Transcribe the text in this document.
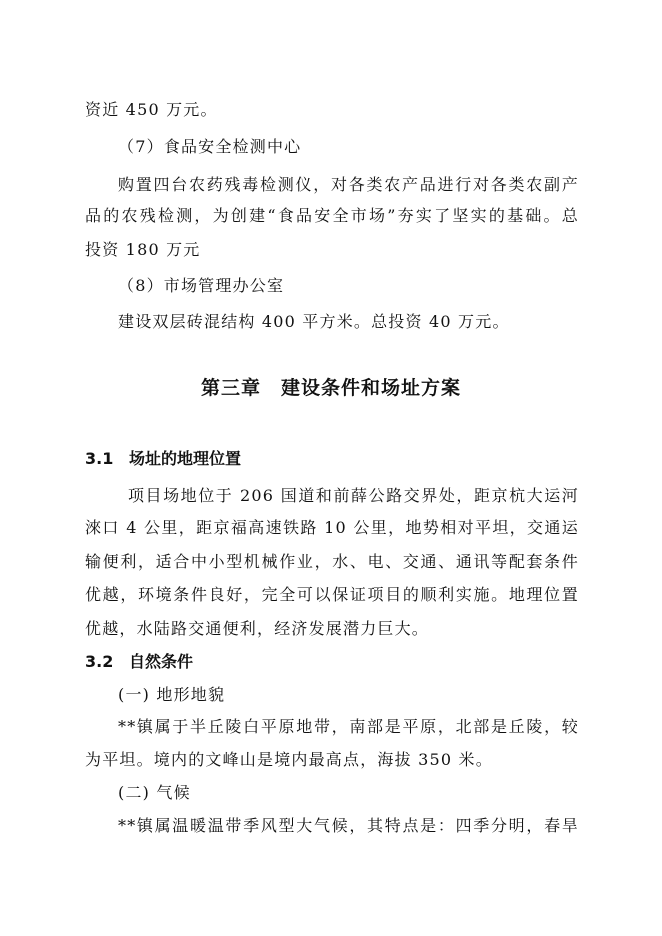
资近 450 万元。
（7）食品安全检测中心
购置四台农药残毒检测仪，对各类农产品进行对各类农副产
品的农残检测，为创建“食品安全市场”夯实了坚实的基础。总
投资 180 万元
（8）市场管理办公室
建设双层砖混结构 400 平方米。总投资 40 万元。
第三章　建设条件和场址方案
3.1 场址的地理位置
项目场地位于 206 国道和前薛公路交界处，距京杭大运河
淶口 4 公里，距京福高速铁路 10 公里，地势相对平坦，交通运
输便利，适合中小型机械作业，水、电、交通、通讯等配套条件
优越，环境条件良好，完全可以保证项目的顺利实施。地理位置
优越，水陆路交通便利，经济发展潜力巨大。
3.2 自然条件
(一) 地形地貌
**镇属于半丘陵白平原地带，南部是平原，北部是丘陵，较
为平坦。境内的文峰山是境内最高点，海拔 350 米。
(二) 气候
**镇属温暖温带季风型大气候，其特点是：四季分明，春旱
